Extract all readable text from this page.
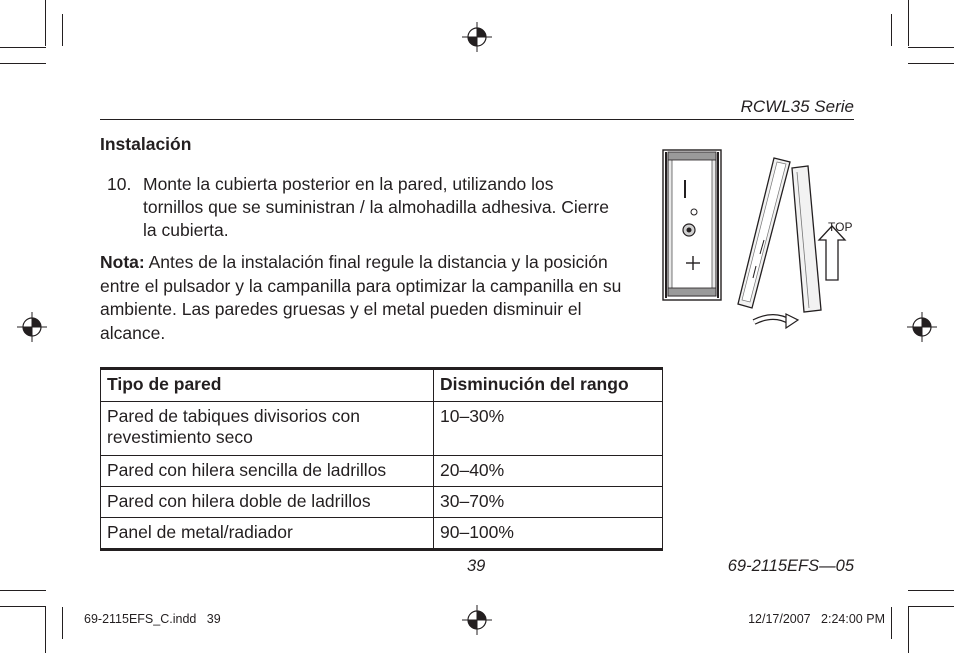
RCWL35 Serie
Instalación
10. Monte la cubierta posterior en la pared, utilizando los tornillos que se suministran / la almohadilla adhesiva. Cierre la cubierta.
Nota: Antes de la instalación final regule la distancia y la posición entre el pulsador y la campanilla para optimizar la campanilla en su ambiente. Las paredes gruesas y el metal pueden disminuir el alcance.
TOP
Tipo de pared	Disminución del rango
Pared de tabiques divisorios con revestimiento seco	10–30%
Pared con hilera sencilla de ladrillos	20–40%
Pared con hilera doble de ladrillos	30–70%
Panel de metal/radiador	90–100%
39	69-2115EFS—05
69-2115EFS_C.indd   39	12/17/2007   2:24:00 PM
